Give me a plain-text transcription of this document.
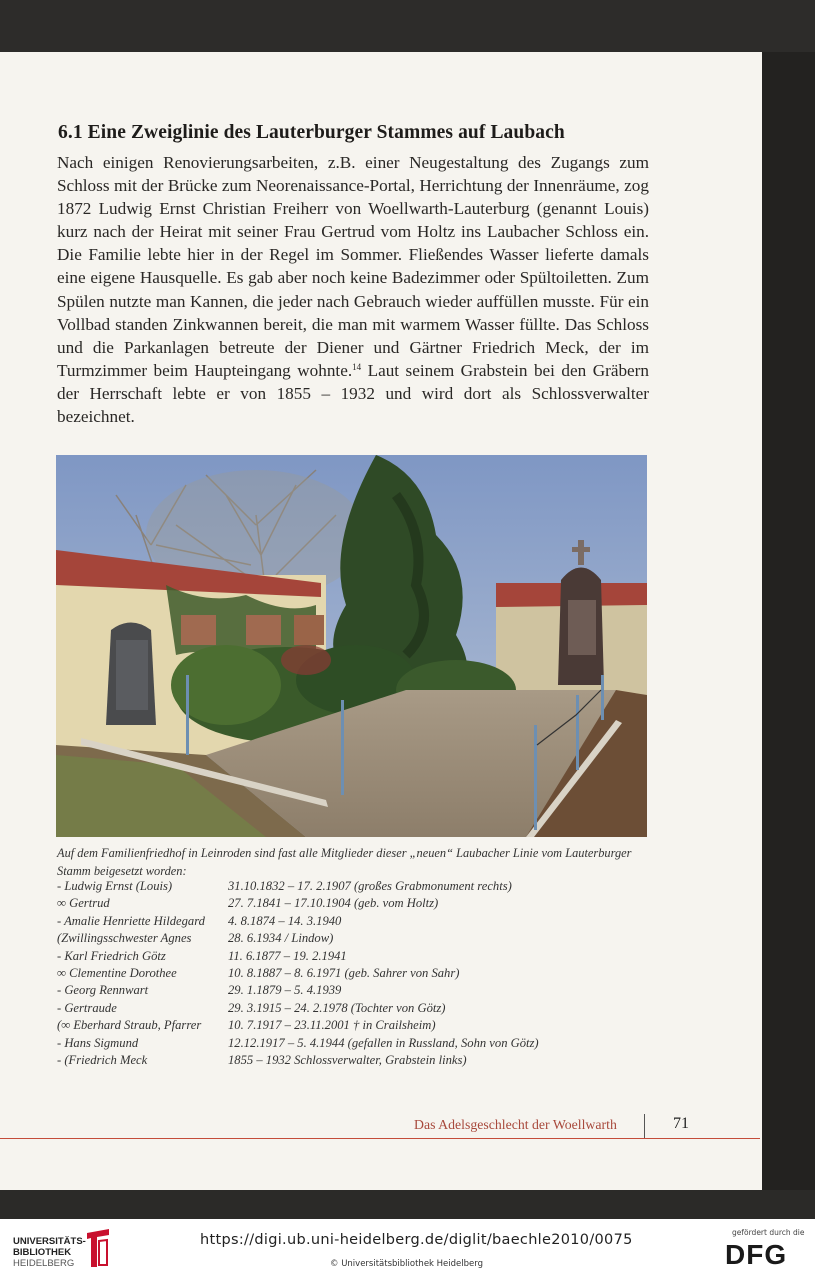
6.1 Eine Zweiglinie des Lauterburger Stammes auf Laubach

Nach einigen Renovierungsarbeiten, z.B. einer Neugestaltung des Zugangs zum Schloss mit der Brücke zum Neorenaissance-Portal, Herrichtung der Innenräume, zog 1872 Ludwig Ernst Christian Freiherr von Woellwarth-Lauterburg (genannt Louis) kurz nach der Heirat mit seiner Frau Gertrud vom Holtz ins Laubacher Schloss ein. Die Familie lebte hier in der Regel im Sommer. Fließendes Wasser lieferte damals eine eigene Hausquelle. Es gab aber noch keine Badezimmer oder Spültoiletten. Zum Spülen nutzte man Kannen, die jeder nach Gebrauch wieder auffüllen musste. Für ein Vollbad standen Zinkwannen bereit, die man mit warmem Wasser füllte. Das Schloss und die Parkanlagen betreute der Diener und Gärtner Friedrich Meck, der im Turmzimmer beim Haupteingang wohnte.$^{14}$ Laut seinem Grabstein bei den Gräbern der Herrschaft lebte er von 1855 – 1932 und wird dort als Schlossverwalter bezeichnet.

Auf dem Familienfriedhof in Leinroden sind fast alle Mitglieder dieser „neuen“ Laubacher Linie vom Lauterburger Stamm beigesetzt worden:

- Ludwig Ernst (Louis)	31.10.1832 – 17. 2.1907 (großes Grabmonument rechts)
∞ Gertrud	27. 7.1841 – 17.10.1904 (geb. vom Holtz)
- Amalie Henriette Hildegard 4. 8.1874 – 14. 3.1940
(Zwillingsschwester Agnes	28. 6.1934 / Lindow)
- Karl Friedrich Götz	11. 6.1877 – 19. 2.1941
∞ Clementine Dorothee	10. 8.1887 – 8. 6.1971 (geb. Sahrer von Sahr)
- Georg Rennwart	29. 1.1879 – 5. 4.1939
- Gertraude	29. 3.1915 – 24. 2.1978 (Tochter von Götz)
(∞ Eberhard Straub, Pfarrer 10. 7.1917 – 23.11.2001 † in Crailsheim)
- Hans Sigmund	12.12.1917 – 5. 4.1944 (gefallen in Russland, Sohn von Götz)
- (Friedrich Meck	1855 – 1932 Schlossverwalter, Grabstein links)
Das Adelsgeschlecht der Woellwarth	71
UNIVERSITÄTS-
BIBLIOTHEK
HEIDELBERG
https://digi.ub.uni-heidelberg.de/diglit/baechle2010/0075
© Universitätsbibliothek Heidelberg
gefördert durch die
DFG
